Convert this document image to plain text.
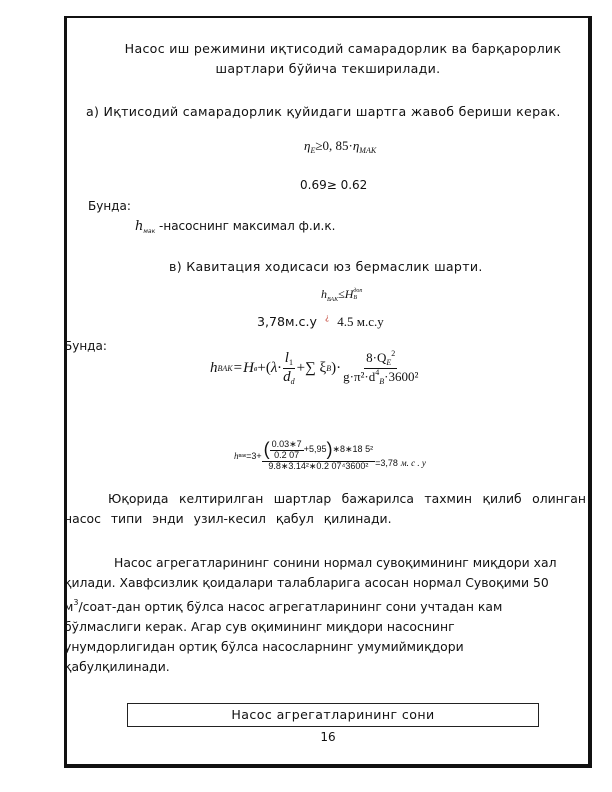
Насос иш режимини иқтисодий самарадорлик ва барқарорлик
шартлари бўйича текширилади.
а) Иқтисодий самарадорлик қуйидаги шартга жавоб бериши керак.
$\eta_Е\ge 0$, $85\cdot\eta_{МАК}$
0.69≥ 0.62
Бунда:
$h_{мак}$ -насоснинг максимал ф.и.к.
в) Кавитация ходисаси юз бермаслик шарти.
$h_{ВАК}\le H$ доп
В
3,78м.с.у ¿ 4.5 м.с.у
Бунда:
h BAK = H в +( $\lambda\cdot \frac{l_1}{d_d}$ +∑ ξ B )· $\frac{8\cdot Q_E^2}{g\cdot\pi^2\cdot d^4_B\cdot 3600^2}$
h вак $=3+ \frac{( \frac{0.03∗7}{0.2 07} +5,95 ) ∗8∗18 5^2}{\text{9.8∗3.14²∗0.2 07⁴3600²}} =3,78$ м. с . у
Юқорида келтирилган шартлар бажарилса тахмин қилиб олинган насос типи энди узил-кесил қабул қилинади.
Насос агрегатларининг сонини нормал сувоқимининг миқдори хал
қилади. Хавфсизлик қоидалари талабларига асосан нормал Сувоқими 50
$м^3/соат$-дан ортиқ бўлса насос агрегатларининг сони учтадан кам
бўлмаслиги керак. Агар сув оқимининг миқдори насоснинг
унумдорлигидан ортиқ бўлса насосларнинг умумиймиқдори
қабулқилинади.
Насос агрегатларининг сони
16
